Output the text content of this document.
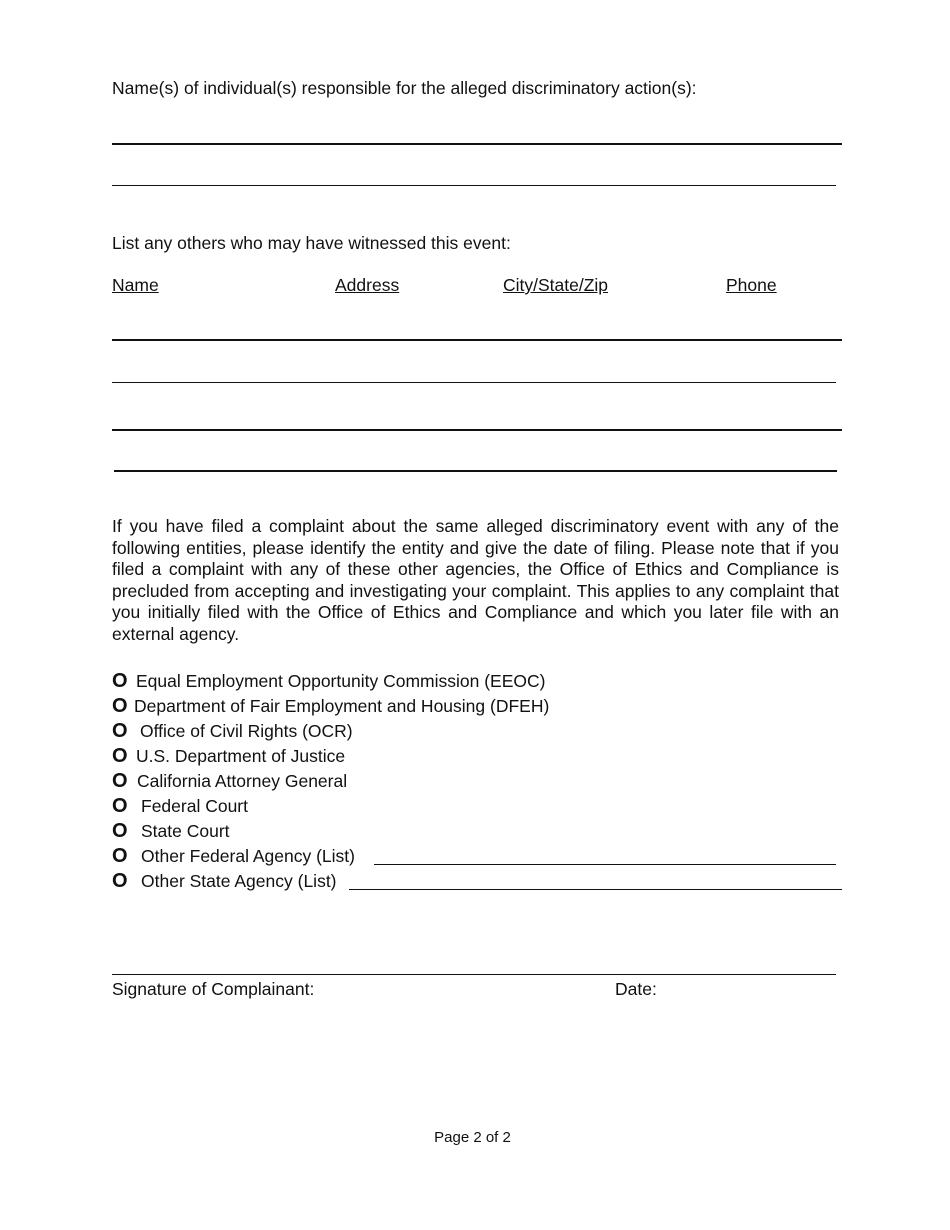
Name(s) of individual(s) responsible for the alleged discriminatory action(s):
List any others who may have witnessed this event:
Name	Address	City/State/Zip	Phone
If you have filed a complaint about the same alleged discriminatory event with any of the following entities, please identify the entity and give the date of filing. Please note that if you filed a complaint with any of these other agencies, the Office of Ethics and Compliance is precluded from accepting and investigating your complaint. This applies to any complaint that you initially filed with the Office of Ethics and Compliance and which you later file with an external agency.
O Equal Employment Opportunity Commission (EEOC)
O Department of Fair Employment and Housing (DFEH)
O Office of Civil Rights (OCR)
O U.S. Department of Justice
O California Attorney General
O Federal Court
O State Court
O Other Federal Agency (List)
O Other State Agency (List)
Signature of Complainant:	Date:
Page 2 of 2
